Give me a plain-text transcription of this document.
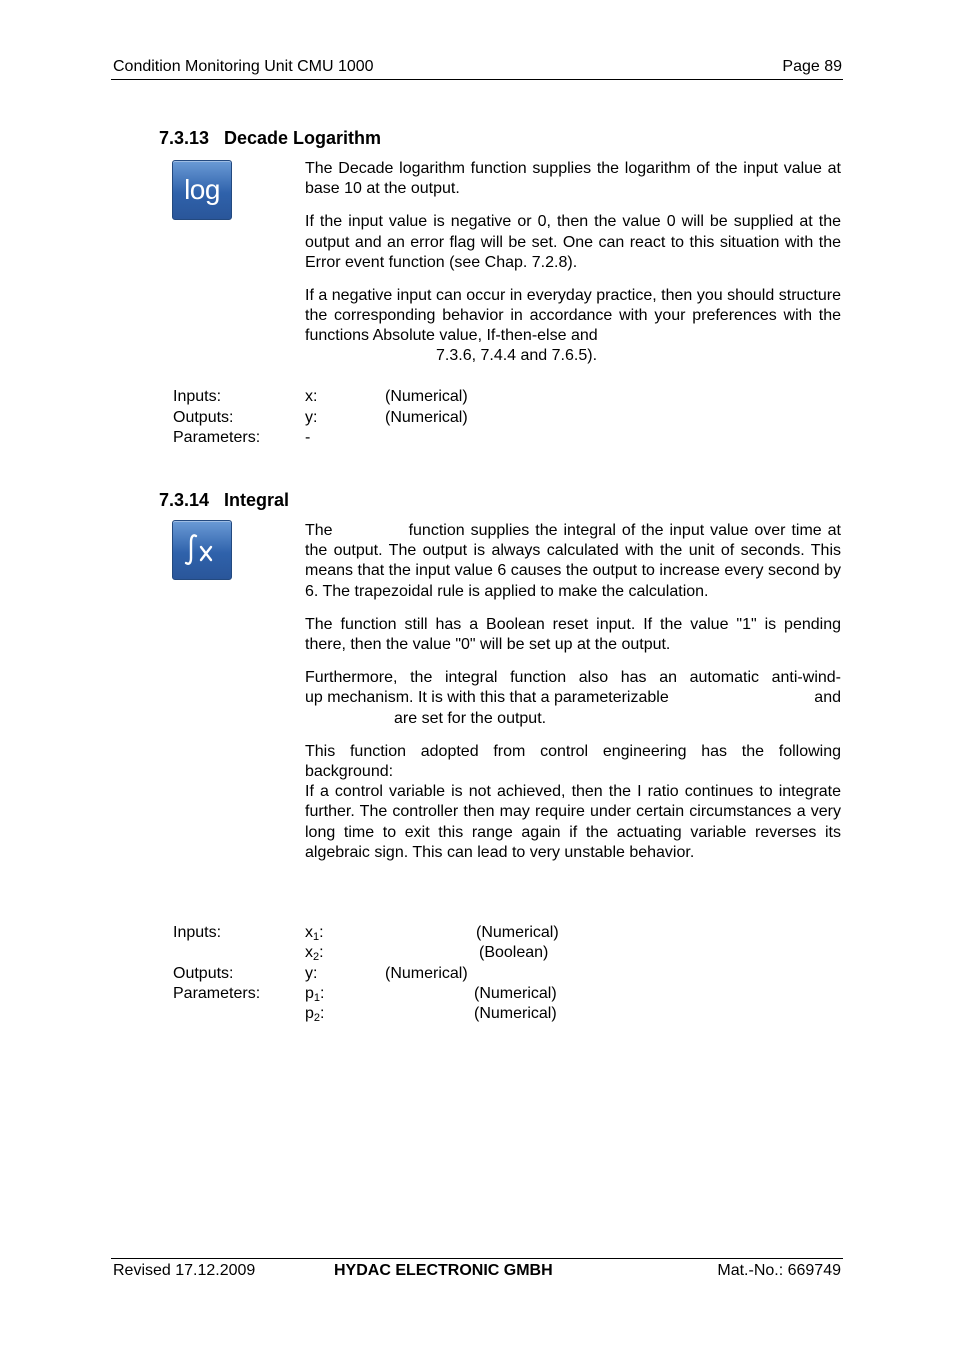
Condition Monitoring Unit CMU 1000	Page 89
7.3.13 Decade Logarithm
log

The Decade logarithm function supplies the logarithm of the input value at base 10 at the output.

If the input value is negative or 0, then the value 0 will be supplied at the output and an error flag will be set. One can react to this situation with the Error event function (see Chap. 7.2.8).

If a negative input can occur in everyday practice, then you should structure the corresponding behavior in accordance with your preferences with the functions Absolute value, If-then-else and

7.3.6, 7.4.4 and 7.6.5).
Inputs:	x:	(Numerical)
Outputs:	y:	(Numerical)
Parameters:	-
7.3.14 Integral

The	function supplies the integral of the input value over time at the output. The output is always calculated with the unit of seconds. This means that the input value 6 causes the output to increase every second by 6. The trapezoidal rule is applied to make the calculation.

The function still has a Boolean reset input. If the value "1" is pending there, then the value "0" will be set up at the output.

Furthermore, the integral function also has an automatic anti-wind-
up mechanism. It is with this that a parameterizable	and
are set for the output.

This function adopted from control engineering has the following background:

If a control variable is not achieved, then the I ratio continues to integrate further. The controller then may require under certain circumstances a very long time to exit this range again if the actuating variable reverses its algebraic sign. This can lead to very unstable behavior.

Inputs:	$x_1$:	(Numerical)
$x_2$:	(Boolean)
Outputs:	y:	(Numerical)
Parameters:	$p_1$:	(Numerical)
$p_2$:	(Numerical)
Revised 17.12.2009	HYDAC ELECTRONIC GMBH	Mat.-No.: 669749
